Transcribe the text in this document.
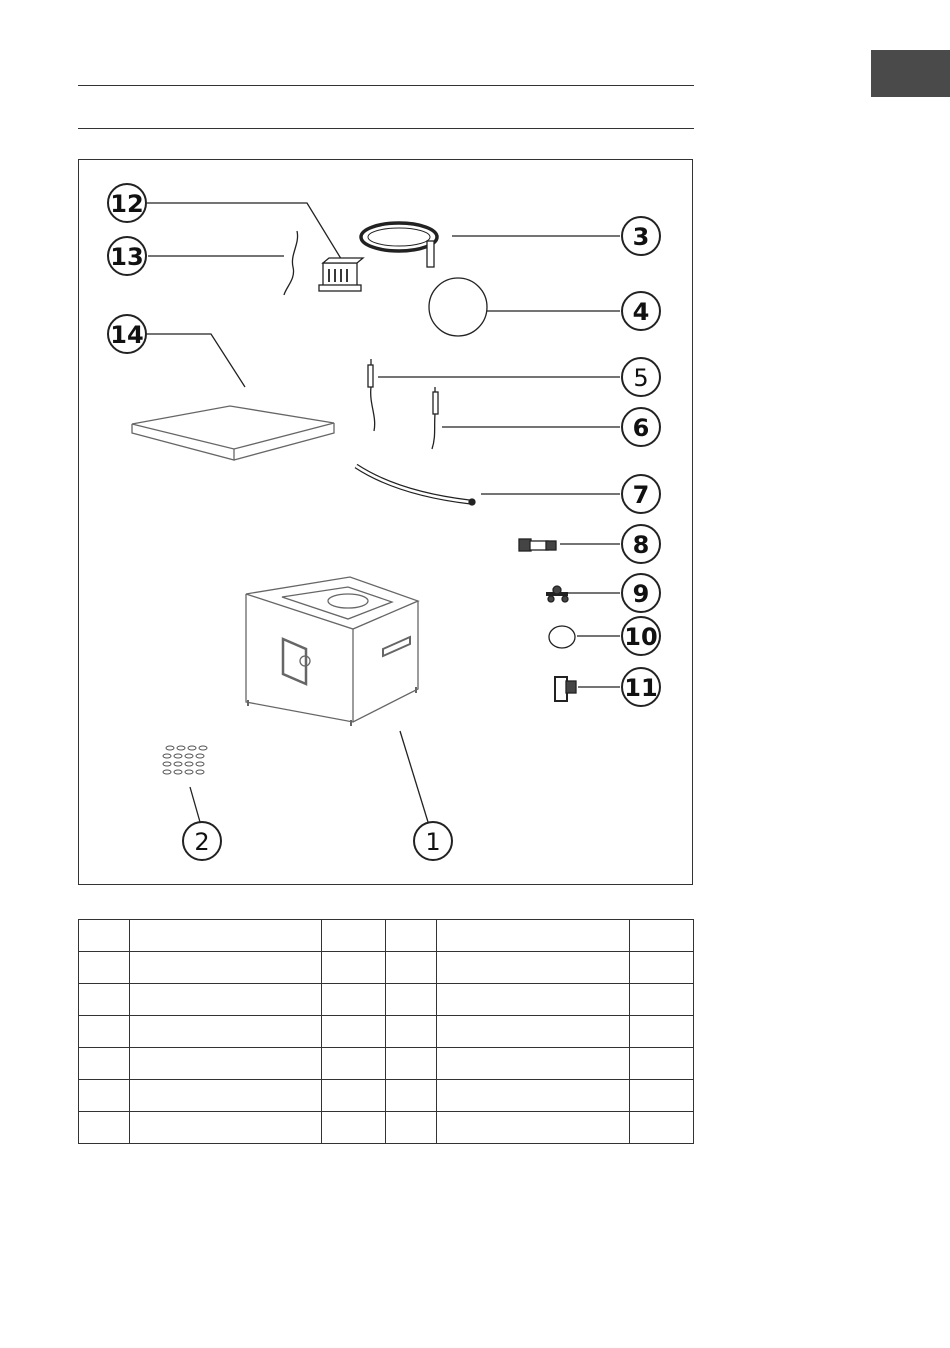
12
13
14
3
4
5
6
7
8
9
10
11
2	1
